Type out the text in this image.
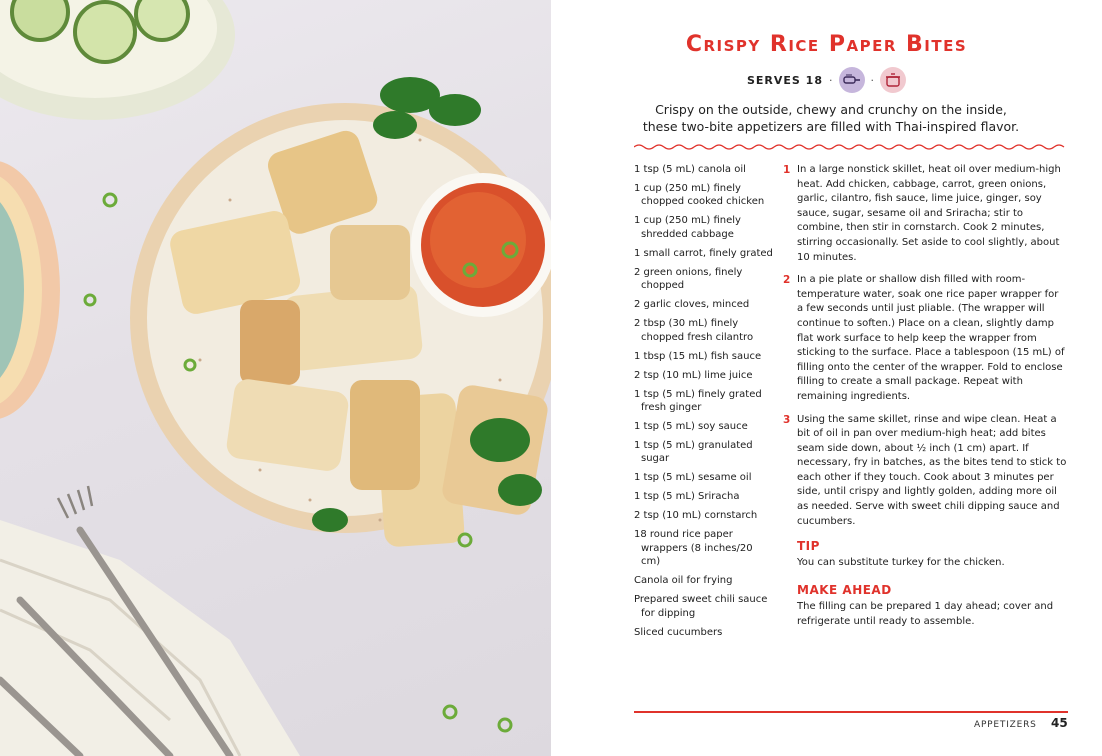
Crispy Rice Paper Bites
SERVES 18 ·	·

Crispy on the outside, chewy and crunchy on the inside,
these two-bite appetizers are filled with Thai-inspired flavor.

1 tsp (5 mL) canola oil
1 cup (250 mL) finely chopped cooked chicken
1 cup (250 mL) finely shredded cabbage
1 small carrot, finely grated
2 green onions, finely chopped
2 garlic cloves, minced
2 tbsp (30 mL) finely chopped fresh cilantro
1 tbsp (15 mL) fish sauce
2 tsp (10 mL) lime juice
1 tsp (5 mL) finely grated fresh ginger
1 tsp (5 mL) soy sauce
1 tsp (5 mL) granulated sugar
1 tsp (5 mL) sesame oil
1 tsp (5 mL) Sriracha
2 tsp (10 mL) cornstarch
18 round rice paper wrappers (8 inches/20 cm)
Canola oil for frying
Prepared sweet chili sauce for dipping
Sliced cucumbers
1 In a large nonstick skillet, heat oil over medium-high heat. Add chicken, cabbage, carrot, green onions, garlic, cilantro, fish sauce, lime juice, ginger, soy sauce, sugar, sesame oil and Sriracha; stir to combine, then stir in cornstarch. Cook 2 minutes, stirring occasionally. Set aside to cool slightly, about 10 minutes.
2 In a pie plate or shallow dish filled with room-temperature water, soak one rice paper wrapper for a few seconds until just pliable. (The wrapper will continue to soften.) Place on a clean, slightly damp flat work surface to help keep the wrapper from sticking to the surface. Place a tablespoon (15 mL) of filling onto the center of the wrapper. Fold to enclose filling to create a small package. Repeat with remaining ingredients.
3 Using the same skillet, rinse and wipe clean. Heat a bit of oil in pan over medium-high heat; add bites seam side down, about ½ inch (1 cm) apart. If necessary, fry in batches, as the bites tend to stick to each other if they touch. Cook about 3 minutes per side, until crispy and lightly golden, adding more oil as needed. Serve with sweet chili dipping sauce and cucumbers.
TIP

You can substitute turkey for the chicken.

MAKE AHEAD

The filling can be prepared 1 day ahead; cover and refrigerate until ready to assemble.

APPETIZERS 45
